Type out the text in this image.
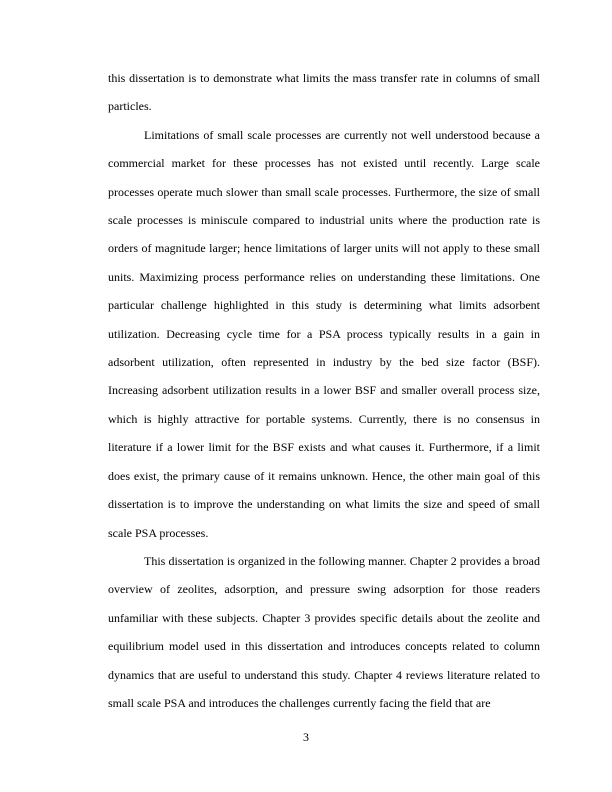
this dissertation is to demonstrate what limits the mass transfer rate in columns of small particles.

Limitations of small scale processes are currently not well understood because a commercial market for these processes has not existed until recently. Large scale processes operate much slower than small scale processes. Furthermore, the size of small scale processes is miniscule compared to industrial units where the production rate is orders of magnitude larger; hence limitations of larger units will not apply to these small units. Maximizing process performance relies on understanding these limitations. One particular challenge highlighted in this study is determining what limits adsorbent utilization. Decreasing cycle time for a PSA process typically results in a gain in adsorbent utilization, often represented in industry by the bed size factor (BSF). Increasing adsorbent utilization results in a lower BSF and smaller overall process size, which is highly attractive for portable systems. Currently, there is no consensus in literature if a lower limit for the BSF exists and what causes it. Furthermore, if a limit does exist, the primary cause of it remains unknown. Hence, the other main goal of this dissertation is to improve the understanding on what limits the size and speed of small scale PSA processes.

This dissertation is organized in the following manner. Chapter 2 provides a broad overview of zeolites, adsorption, and pressure swing adsorption for those readers unfamiliar with these subjects. Chapter 3 provides specific details about the zeolite and equilibrium model used in this dissertation and introduces concepts related to column dynamics that are useful to understand this study. Chapter 4 reviews literature related to small scale PSA and introduces the challenges currently facing the field that are

3
